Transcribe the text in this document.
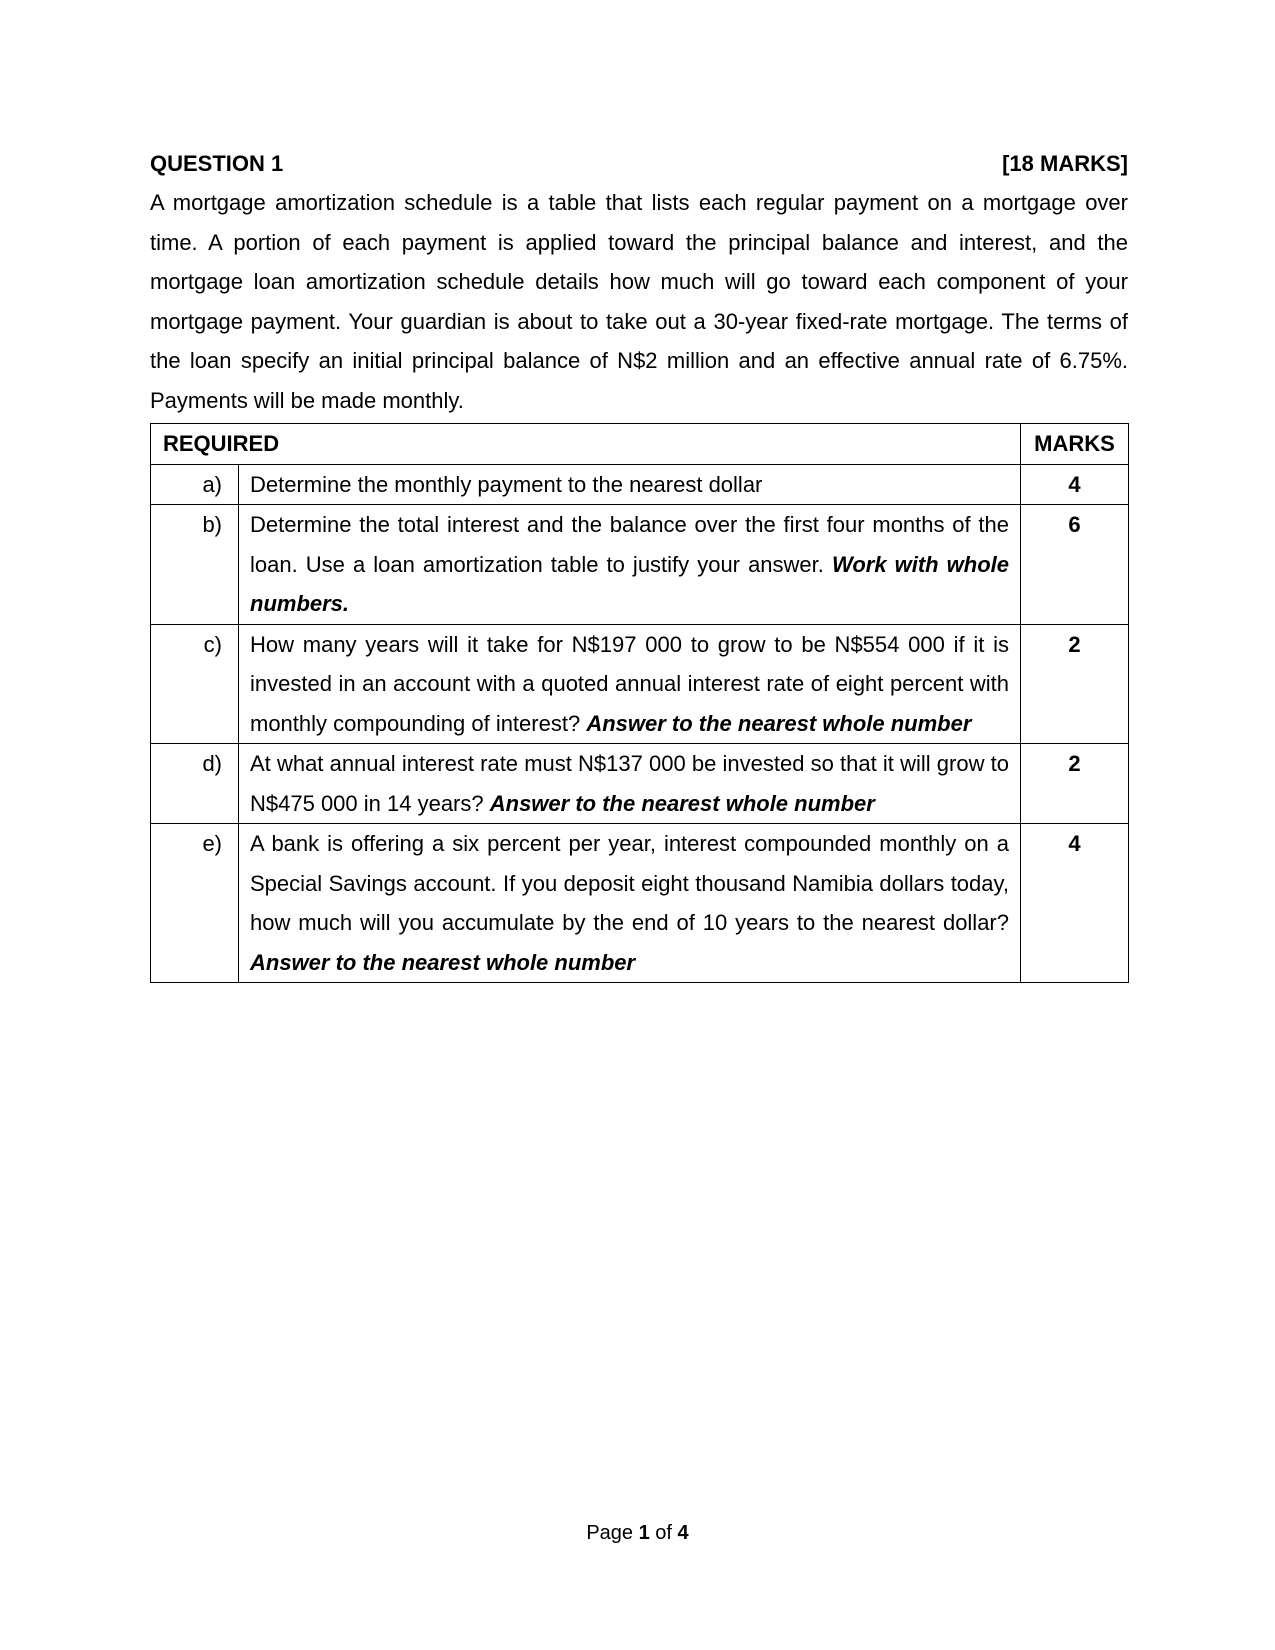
QUESTION 1	[18 MARKS]

A mortgage amortization schedule is a table that lists each regular payment on a mortgage over time. A portion of each payment is applied toward the principal balance and interest, and the mortgage loan amortization schedule details how much will go toward each component of your mortgage payment. Your guardian is about to take out a 30-year fixed-rate mortgage. The terms of the loan specify an initial principal balance of N$2 million and an effective annual rate of 6.75%. Payments will be made monthly.

REQUIRED		MARKS
a)	Determine the monthly payment to the nearest dollar	4
b)	Determine the total interest and the balance over the first four months of the loan. Use a loan amortization table to justify your answer. Work with whole numbers.	6
c)	How many years will it take for N$197 000 to grow to be N$554 000 if it is invested in an account with a quoted annual interest rate of eight percent with monthly compounding of interest? Answer to the nearest whole number	2
d)	At what annual interest rate must N$137 000 be invested so that it will grow to N$475 000 in 14 years? Answer to the nearest whole number	2
e)	A bank is offering a six percent per year, interest compounded monthly on a Special Savings account. If you deposit eight thousand Namibia dollars today, how much will you accumulate by the end of 10 years to the nearest dollar? Answer to the nearest whole number	4
Page 1 of 4
